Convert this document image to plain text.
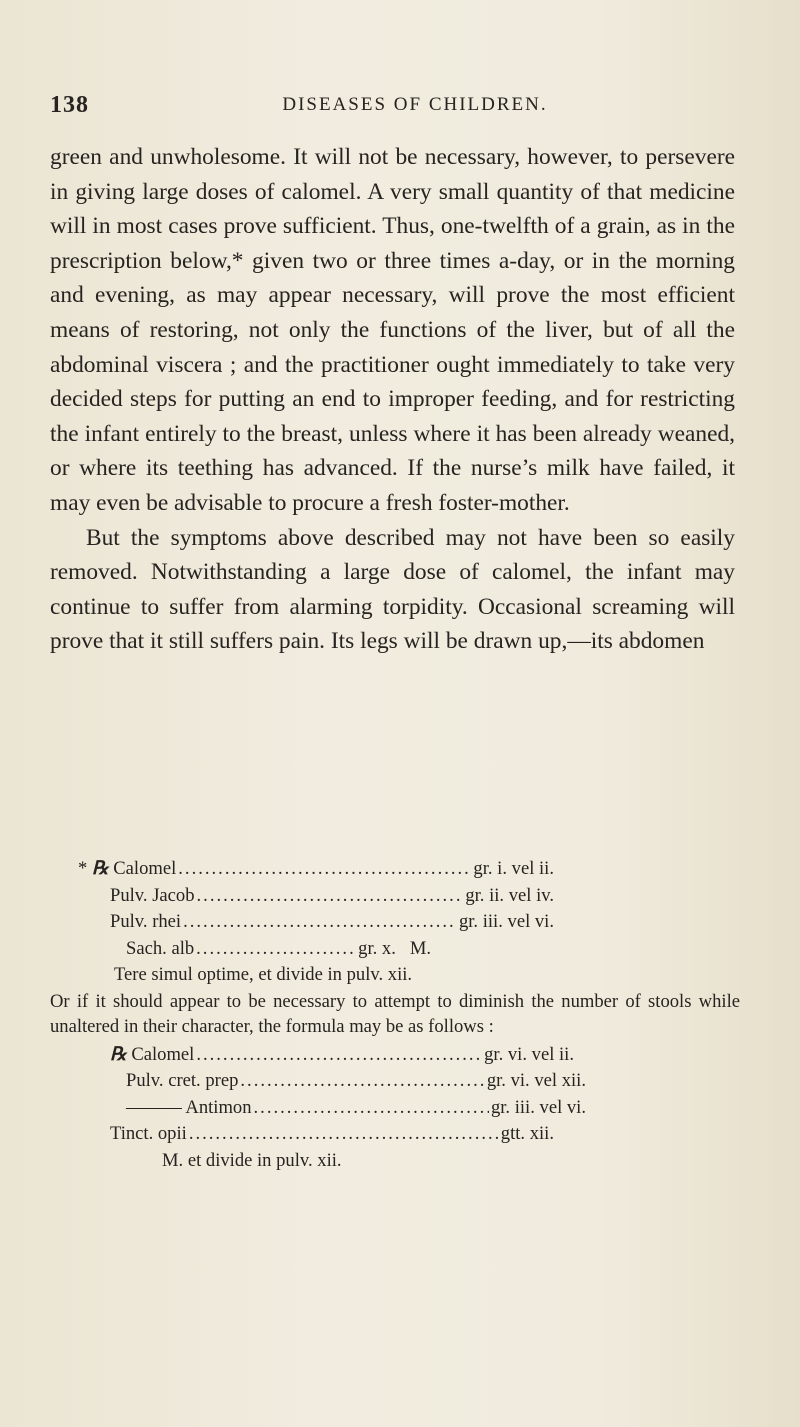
138	DISEASES OF CHILDREN.

green and unwholesome. It will not be necessary, however, to persevere in giving large doses of calomel. A very small quantity of that medicine will in most cases prove sufficient. Thus, one-twelfth of a grain, as in the prescription below,* given two or three times a-day, or in the morning and evening, as may appear necessary, will prove the most efficient means of restoring, not only the functions of the liver, but of all the abdominal viscera ; and the practitioner ought immediately to take very decided steps for putting an end to improper feeding, and for restricting the infant entirely to the breast, unless where it has been already weaned, or where its teething has advanced. If the nurse’s milk have failed, it may even be advisable to procure a fresh foster-mother.

But the symptoms above described may not have been so easily removed. Notwithstanding a large dose of calomel, the infant may continue to suffer from alarming torpidity. Occasional screaming will prove that it still suffers pain. Its legs will be drawn up,—its abdomen

*
℞
Calomel .....	gr. i. vel ii.
Pulv. Jacob .....	gr. ii. vel iv.
Pulv. rhei .....	gr. iii. vel vi.
Sach. alb .....	gr. x.
M.
Tere simul optime, et divide in pulv. xii.

Or if it should appear to be necessary to attempt to diminish the number of stools while unaltered in their character, the formula may be as follows :

℞
Calomel .....	gr. vi. vel ii.
Pulv. cret. prep .....	gr. vi. vel xii.
——— Antimon .....	gr. iii. vel vi.
Tinct. opii .....	gtt. xii.
M. et divide in pulv. xii.
